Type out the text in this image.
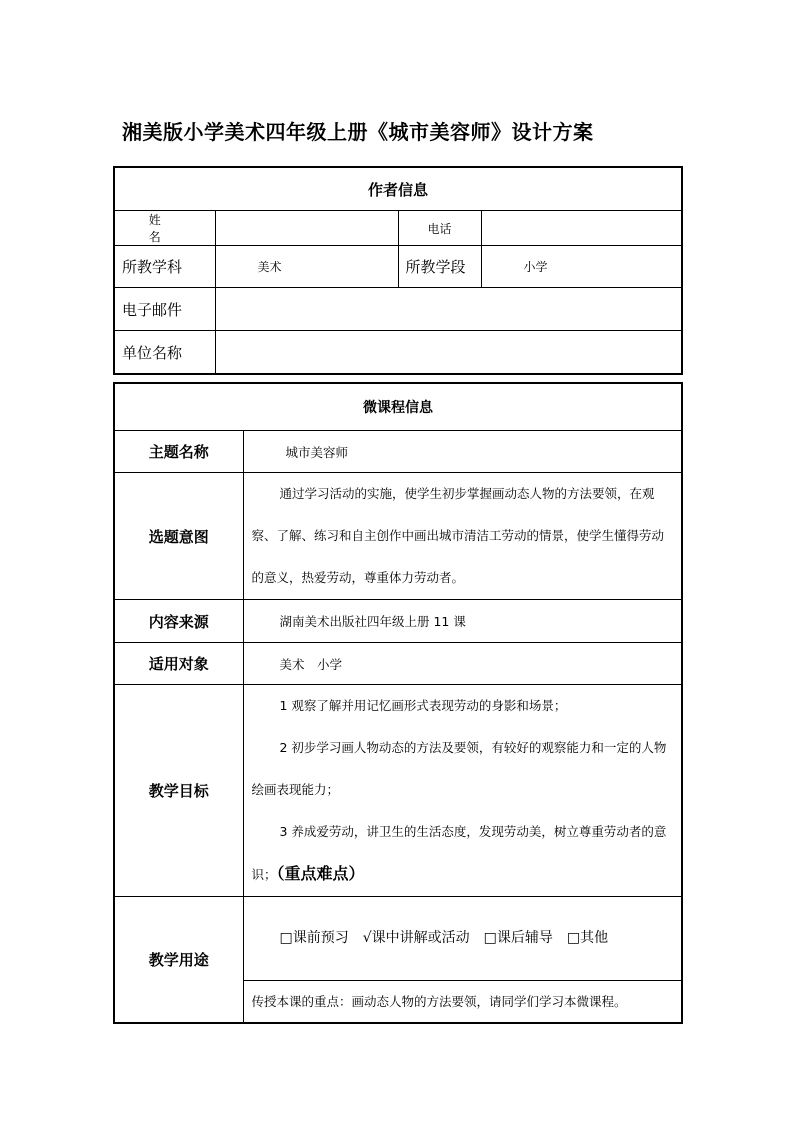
湘美版小学美术四年级上册《城市美容师》设计方案
作者信息			
姓　　名		电话	
所教学科	美术	所教学段	小学
电子邮件			
单位名称			
微课程信息	
主题名称	城市美容师
选题意图	通过学习活动的实施，使学生初步掌握画动态人物的方法要领，在观察、了解、练习和自主创作中画出城市清洁工劳动的情景，使学生懂得劳动的意义，热爱劳动，尊重体力劳动者。

内容来源	湖南美术出版社四年级上册 11 课
适用对象	美术　小学
教学目标	1 观察了解并用记忆画形式表现劳动的身影和场景；
2 初步学习画人物动态的方法及要领，有较好的观察能力和一定的人物绘画表现能力；
3 养成爱劳动，讲卫生的生活态度，发现劳动美，树立尊重劳动者的意识；（重点难点）

教学用途	□课前预习 √课中讲解或活动 □课后辅导 □其他

	传授本课的重点：画动态人物的方法要领，请同学们学习本微课程。
